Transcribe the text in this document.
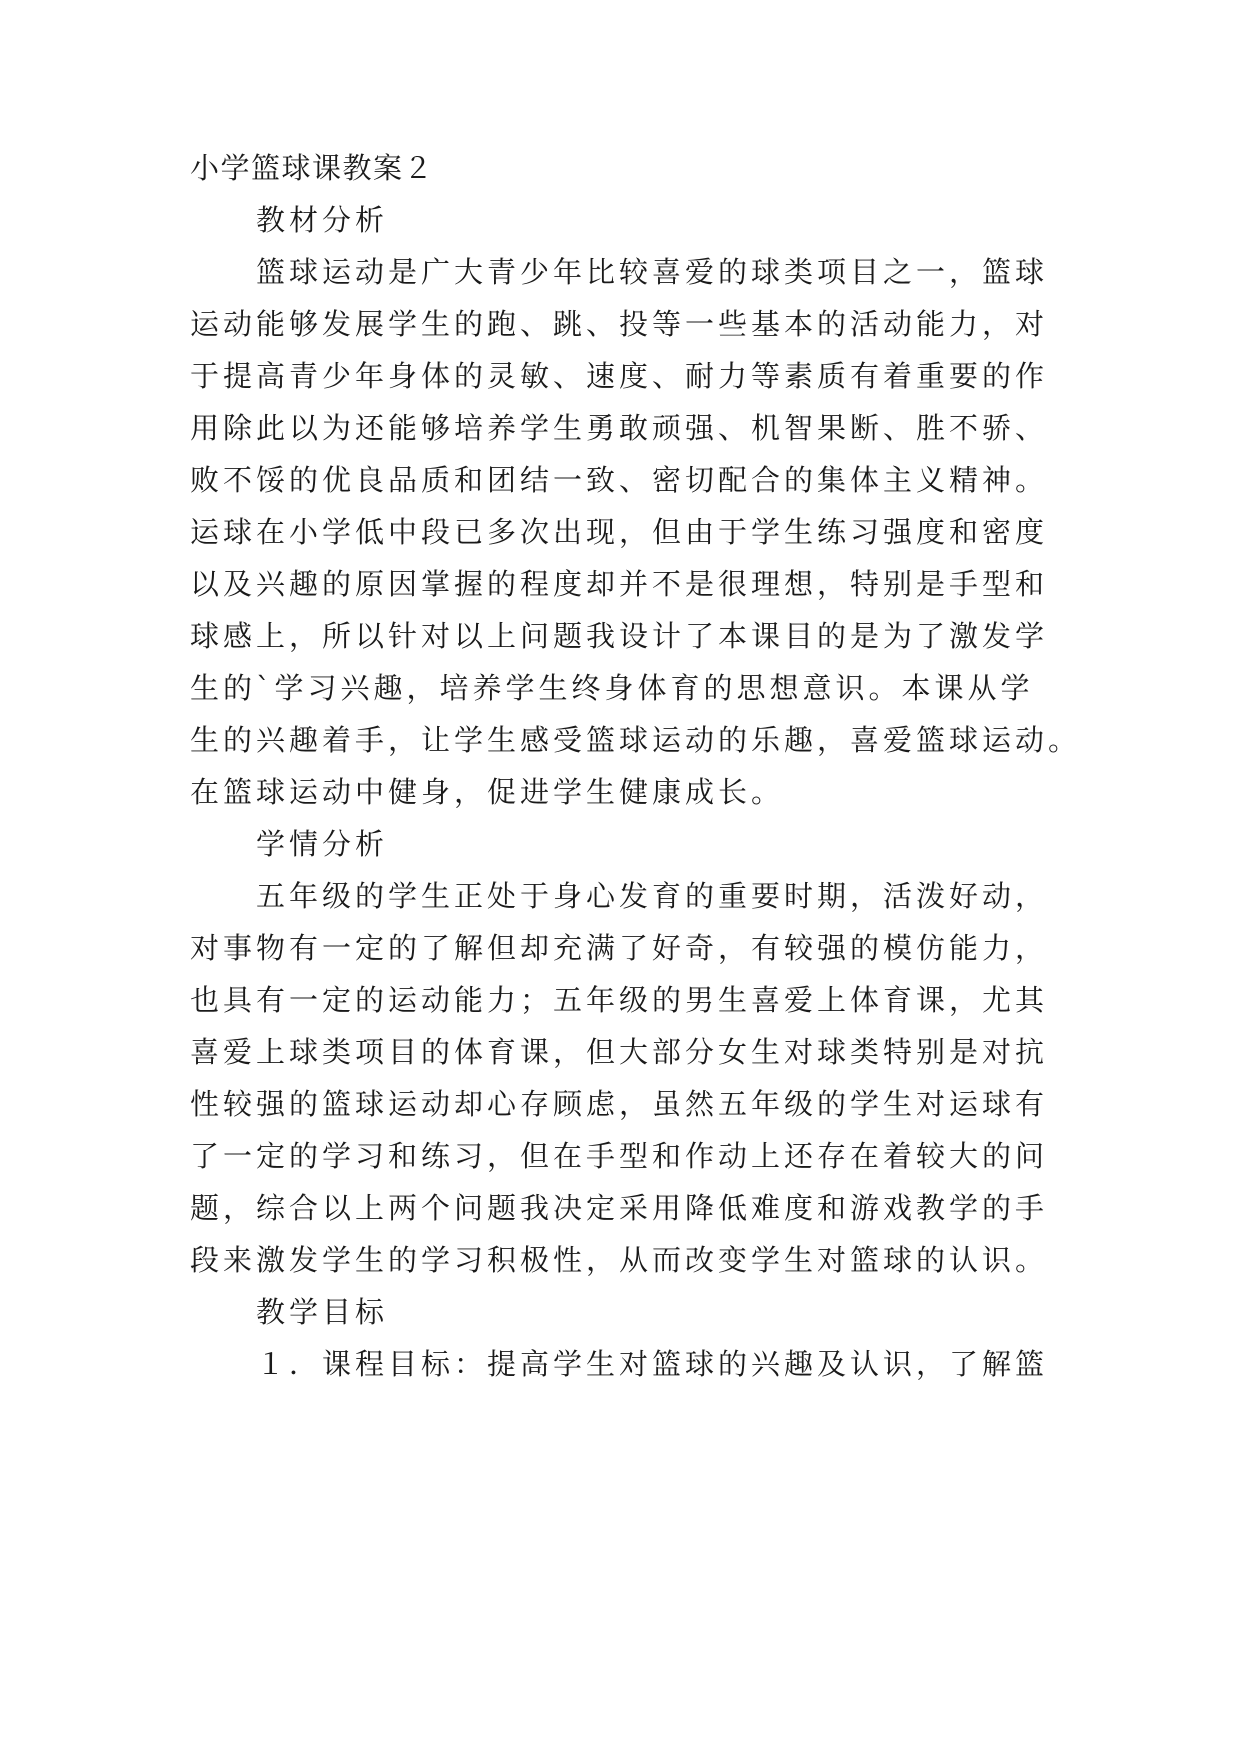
小学篮球课教案２
教材分析
篮球运动是广大青少年比较喜爱的球类项目之一，篮球
运动能够发展学生的跑、跳、投等一些基本的活动能力，对
于提高青少年身体的灵敏、速度、耐力等素质有着重要的作
用除此以为还能够培养学生勇敢顽强、机智果断、胜不骄、
败不馁的优良品质和团结一致、密切配合的集体主义精神。
运球在小学低中段已多次出现，但由于学生练习强度和密度
以及兴趣的原因掌握的程度却并不是很理想，特别是手型和
球感上，所以针对以上问题我设计了本课目的是为了激发学
生的`学习兴趣，培养学生终身体育的思想意识。本课从学
生的兴趣着手，让学生感受篮球运动的乐趣，喜爱篮球运动。
在篮球运动中健身，促进学生健康成长。
学情分析
五年级的学生正处于身心发育的重要时期，活泼好动，
对事物有一定的了解但却充满了好奇，有较强的模仿能力，
也具有一定的运动能力；五年级的男生喜爱上体育课，尤其
喜爱上球类项目的体育课，但大部分女生对球类特别是对抗
性较强的篮球运动却心存顾虑，虽然五年级的学生对运球有
了一定的学习和练习，但在手型和作动上还存在着较大的问
题，综合以上两个问题我决定采用降低难度和游戏教学的手
段来激发学生的学习积极性，从而改变学生对篮球的认识。
教学目标
１．课程目标：提高学生对篮球的兴趣及认识，了解篮
